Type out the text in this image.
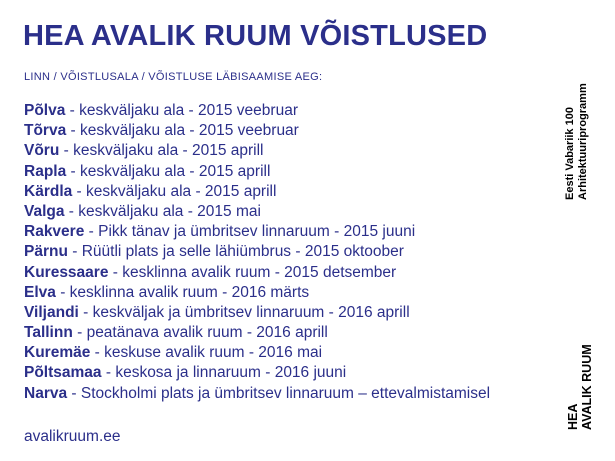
HEA AVALIK RUUM VÕISTLUSED
LINN / VÕISTLUSALA / VÕISTLUSE LÄBISAAMISE AEG:
Põlva - keskväljaku ala - 2015 veebruar
Tõrva - keskväljaku ala - 2015 veebruar
Võru - keskväljaku ala - 2015 aprill
Rapla - keskväljaku ala - 2015 aprill
Kärdla - keskväljaku ala - 2015 aprill
Valga - keskväljaku ala - 2015 mai
Rakvere - Pikk tänav ja ümbritsev linnaruum - 2015 juuni
Pärnu - Rüütli plats ja selle lähiümbrus - 2015 oktoober
Kuressaare - kesklinna avalik ruum - 2015 detsember
Elva - kesklinna avalik ruum - 2016 märts
Viljandi - keskväljak ja ümbritsev linnaruum - 2016 aprill
Tallinn - peatänava avalik ruum - 2016 aprill
Kuremäe - keskuse avalik ruum - 2016 mai
Põltsamaa - keskosa ja linnaruum - 2016 juuni
Narva - Stockholmi plats ja ümbritsev linnaruum – ettevalmistamisel
avalikruum.ee
Eesti Vabariik 100 Arhitektuuriprogramm
HEA AVALIK RUUM
